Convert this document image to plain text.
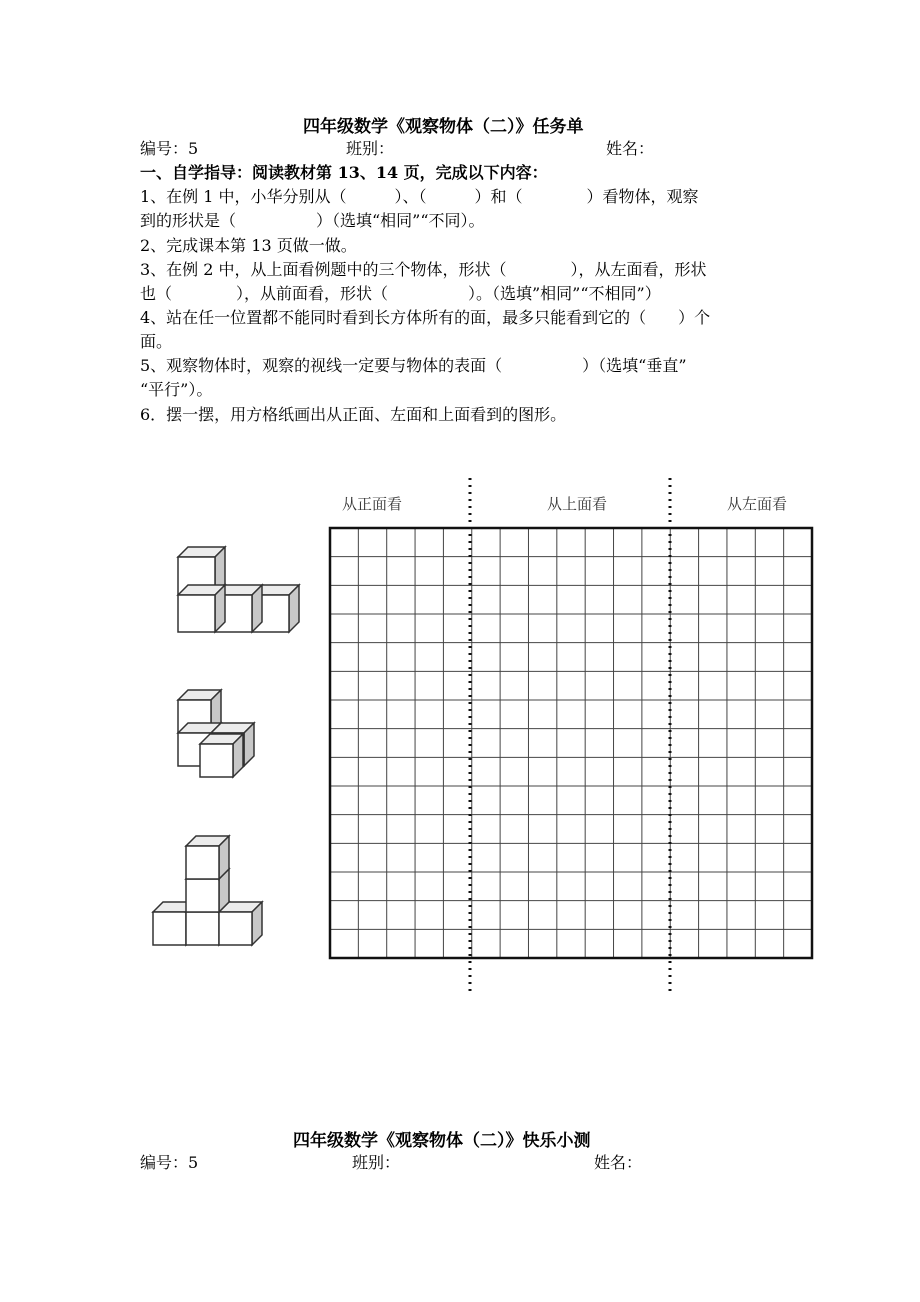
四年级数学《观察物体（二）》任务单
编号：5	班别：	姓名：
一、自学指导：阅读教材第 13、14 页，完成以下内容：
1、在例 1 中，小华分别从（　　　）、（　　　）和（　　　　）看物体，观察
到的形状是（　　　　　）（选填“相同”“不同）。
2、完成课本第 13 页做一做。
3、在例 2 中，从上面看例题中的三个物体，形状（　　　　），从左面看，形状
也（　　　　），从前面看，形状（　　　　　）。（选填”相同”“不相同”）
4、站在任一位置都不能同时看到长方体所有的面，最多只能看到它的（　　）个
面。
5、观察物体时，观察的视线一定要与物体的表面（　　　　　）（选填“垂直”
“平行”）。
6．摆一摆，用方格纸画出从正面、左面和上面看到的图形。
从正面看	从上面看	从左面看
四年级数学《观察物体（二）》快乐小测
编号：5	班别：	姓名：
